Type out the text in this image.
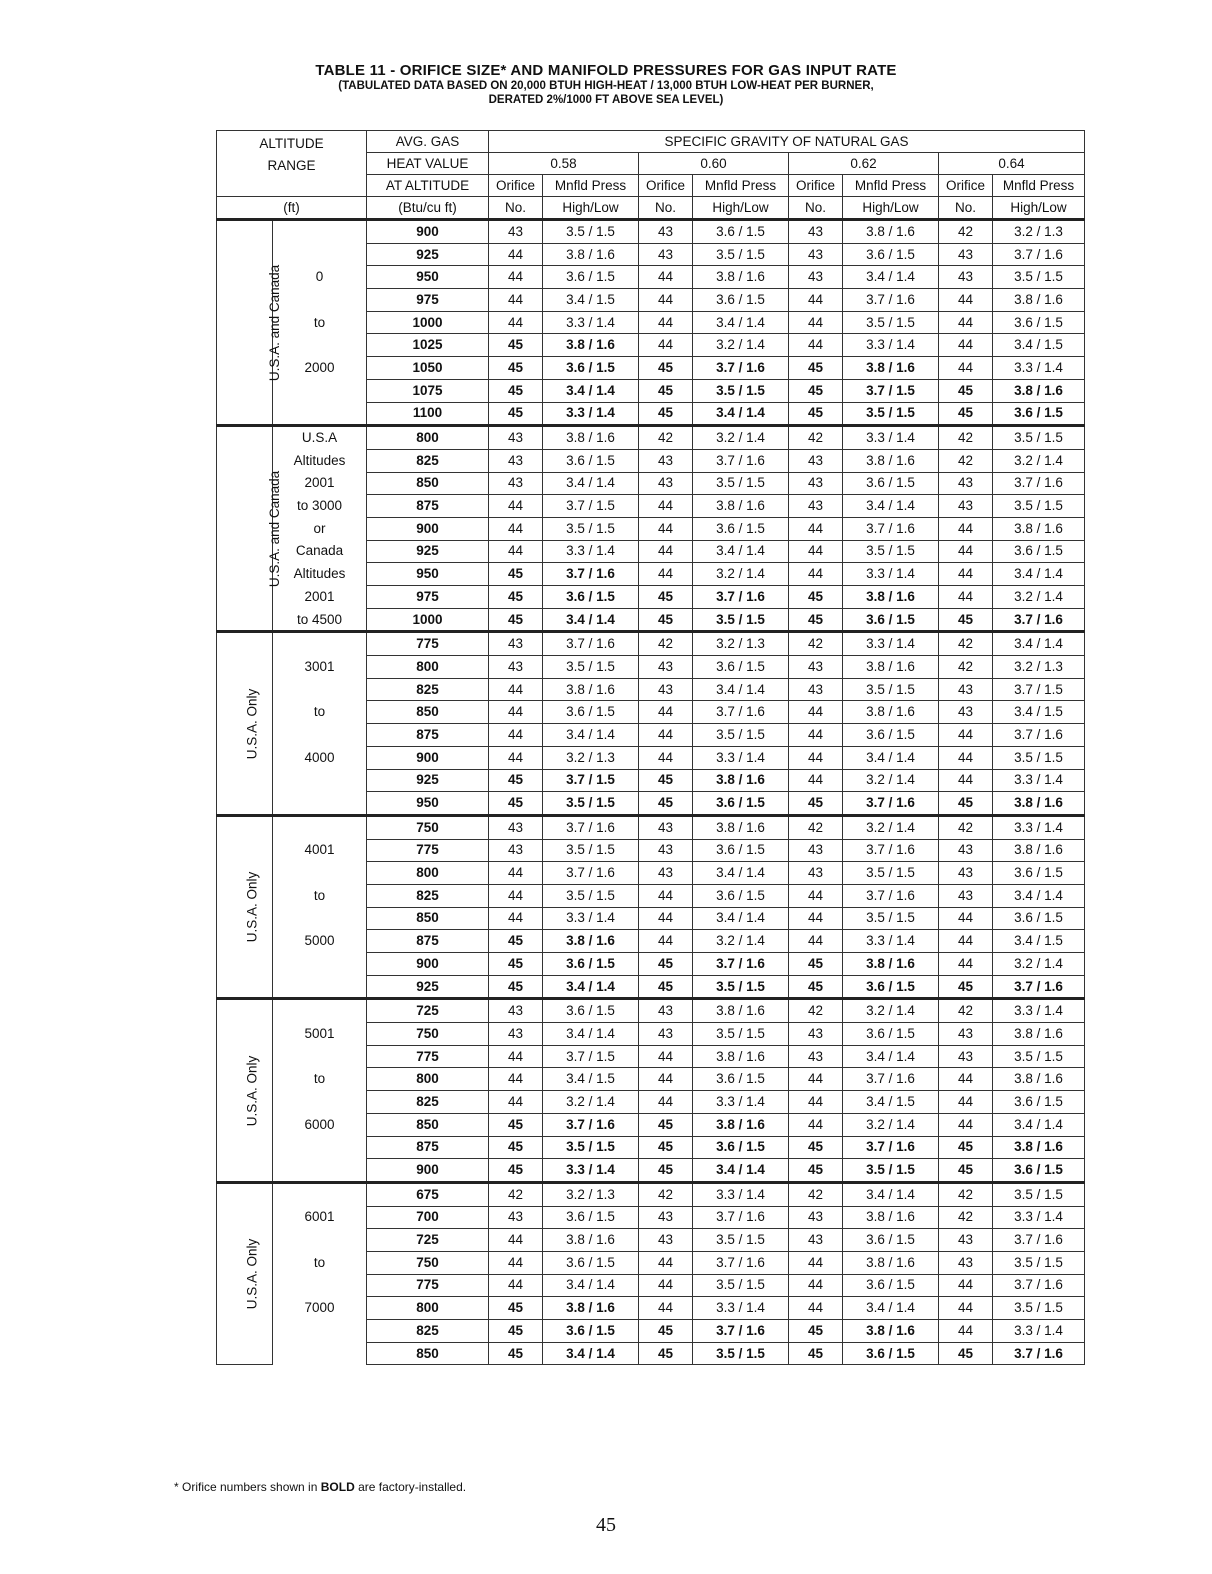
TABLE 11 - ORIFICE SIZE* AND MANIFOLD PRESSURES FOR GAS INPUT RATE
(TABULATED DATA BASED ON 20,000 BTUH HIGH-HEAT / 13,000 BTUH LOW-HEAT PER BURNER,
DERATED 2%/1000 FT ABOVE SEA LEVEL)
ALTITUDE RANGE		AVG. GAS	SPECIFIC GRAVITY OF NATURAL GAS							
		HEAT VALUE	0.58		0.60		0.62		0.64	
		AT ALTITUDE	Orifice	Mnfld Press	Orifice	Mnfld Press	Orifice	Mnfld Press	Orifice	Mnfld Press
(ft)		(Btu/cu ft)	No.	High/Low	No.	High/Low	No.	High/Low	No.	High/Low
U.S.A. and Canada		900	43	3.5 / 1.5	43	3.6 / 1.5	43	3.8 / 1.6	42	3.2 / 1.3
		925	44	3.8 / 1.6	43	3.5 / 1.5	43	3.6 / 1.5	43	3.7 / 1.6
	0	950	44	3.6 / 1.5	44	3.8 / 1.6	43	3.4 / 1.4	43	3.5 / 1.5
		975	44	3.4 / 1.5	44	3.6 / 1.5	44	3.7 / 1.6	44	3.8 / 1.6
	to	1000	44	3.3 / 1.4	44	3.4 / 1.4	44	3.5 / 1.5	44	3.6 / 1.5
		1025	45	3.8 / 1.6	44	3.2 / 1.4	44	3.3 / 1.4	44	3.4 / 1.5
	2000	1050	45	3.6 / 1.5	45	3.7 / 1.6	45	3.8 / 1.6	44	3.3 / 1.4
		1075	45	3.4 / 1.4	45	3.5 / 1.5	45	3.7 / 1.5	45	3.8 / 1.6
		1100	45	3.3 / 1.4	45	3.4 / 1.4	45	3.5 / 1.5	45	3.6 / 1.5
U.S.A. and Canada	U.S.A	800	43	3.8 / 1.6	42	3.2 / 1.4	42	3.3 / 1.4	42	3.5 / 1.5
	Altitudes	825	43	3.6 / 1.5	43	3.7 / 1.6	43	3.8 / 1.6	42	3.2 / 1.4
	2001	850	43	3.4 / 1.4	43	3.5 / 1.5	43	3.6 / 1.5	43	3.7 / 1.6
	to 3000	875	44	3.7 / 1.5	44	3.8 / 1.6	43	3.4 / 1.4	43	3.5 / 1.5
	or	900	44	3.5 / 1.5	44	3.6 / 1.5	44	3.7 / 1.6	44	3.8 / 1.6
	Canada	925	44	3.3 / 1.4	44	3.4 / 1.4	44	3.5 / 1.5	44	3.6 / 1.5
	Altitudes	950	45	3.7 / 1.6	44	3.2 / 1.4	44	3.3 / 1.4	44	3.4 / 1.4
	2001	975	45	3.6 / 1.5	45	3.7 / 1.6	45	3.8 / 1.6	44	3.2 / 1.4
	to 4500	1000	45	3.4 / 1.4	45	3.5 / 1.5	45	3.6 / 1.5	45	3.7 / 1.6
U.S.A. Only		775	43	3.7 / 1.6	42	3.2 / 1.3	42	3.3 / 1.4	42	3.4 / 1.4
	3001	800	43	3.5 / 1.5	43	3.6 / 1.5	43	3.8 / 1.6	42	3.2 / 1.3
		825	44	3.8 / 1.6	43	3.4 / 1.4	43	3.5 / 1.5	43	3.7 / 1.5
	to	850	44	3.6 / 1.5	44	3.7 / 1.6	44	3.8 / 1.6	43	3.4 / 1.5
		875	44	3.4 / 1.4	44	3.5 / 1.5	44	3.6 / 1.5	44	3.7 / 1.6
	4000	900	44	3.2 / 1.3	44	3.3 / 1.4	44	3.4 / 1.4	44	3.5 / 1.5
		925	45	3.7 / 1.5	45	3.8 / 1.6	44	3.2 / 1.4	44	3.3 / 1.4
		950	45	3.5 / 1.5	45	3.6 / 1.5	45	3.7 / 1.6	45	3.8 / 1.6
U.S.A. Only		750	43	3.7 / 1.6	43	3.8 / 1.6	42	3.2 / 1.4	42	3.3 / 1.4
	4001	775	43	3.5 / 1.5	43	3.6 / 1.5	43	3.7 / 1.6	43	3.8 / 1.6
		800	44	3.7 / 1.6	43	3.4 / 1.4	43	3.5 / 1.5	43	3.6 / 1.5
	to	825	44	3.5 / 1.5	44	3.6 / 1.5	44	3.7 / 1.6	43	3.4 / 1.4
		850	44	3.3 / 1.4	44	3.4 / 1.4	44	3.5 / 1.5	44	3.6 / 1.5
	5000	875	45	3.8 / 1.6	44	3.2 / 1.4	44	3.3 / 1.4	44	3.4 / 1.5
		900	45	3.6 / 1.5	45	3.7 / 1.6	45	3.8 / 1.6	44	3.2 / 1.4
		925	45	3.4 / 1.4	45	3.5 / 1.5	45	3.6 / 1.5	45	3.7 / 1.6
U.S.A. Only		725	43	3.6 / 1.5	43	3.8 / 1.6	42	3.2 / 1.4	42	3.3 / 1.4
	5001	750	43	3.4 / 1.4	43	3.5 / 1.5	43	3.6 / 1.5	43	3.8 / 1.6
		775	44	3.7 / 1.5	44	3.8 / 1.6	43	3.4 / 1.4	43	3.5 / 1.5
	to	800	44	3.4 / 1.5	44	3.6 / 1.5	44	3.7 / 1.6	44	3.8 / 1.6
		825	44	3.2 / 1.4	44	3.3 / 1.4	44	3.4 / 1.5	44	3.6 / 1.5
	6000	850	45	3.7 / 1.6	45	3.8 / 1.6	44	3.2 / 1.4	44	3.4 / 1.4
		875	45	3.5 / 1.5	45	3.6 / 1.5	45	3.7 / 1.6	45	3.8 / 1.6
		900	45	3.3 / 1.4	45	3.4 / 1.4	45	3.5 / 1.5	45	3.6 / 1.5
U.S.A. Only		675	42	3.2 / 1.3	42	3.3 / 1.4	42	3.4 / 1.4	42	3.5 / 1.5
	6001	700	43	3.6 / 1.5	43	3.7 / 1.6	43	3.8 / 1.6	42	3.3 / 1.4
		725	44	3.8 / 1.6	43	3.5 / 1.5	43	3.6 / 1.5	43	3.7 / 1.6
	to	750	44	3.6 / 1.5	44	3.7 / 1.6	44	3.8 / 1.6	43	3.5 / 1.5
		775	44	3.4 / 1.4	44	3.5 / 1.5	44	3.6 / 1.5	44	3.7 / 1.6
	7000	800	45	3.8 / 1.6	44	3.3 / 1.4	44	3.4 / 1.4	44	3.5 / 1.5
		825	45	3.6 / 1.5	45	3.7 / 1.6	45	3.8 / 1.6	44	3.3 / 1.4
		850	45	3.4 / 1.4	45	3.5 / 1.5	45	3.6 / 1.5	45	3.7 / 1.6
* Orifice numbers shown in BOLD are factory-installed.
45
